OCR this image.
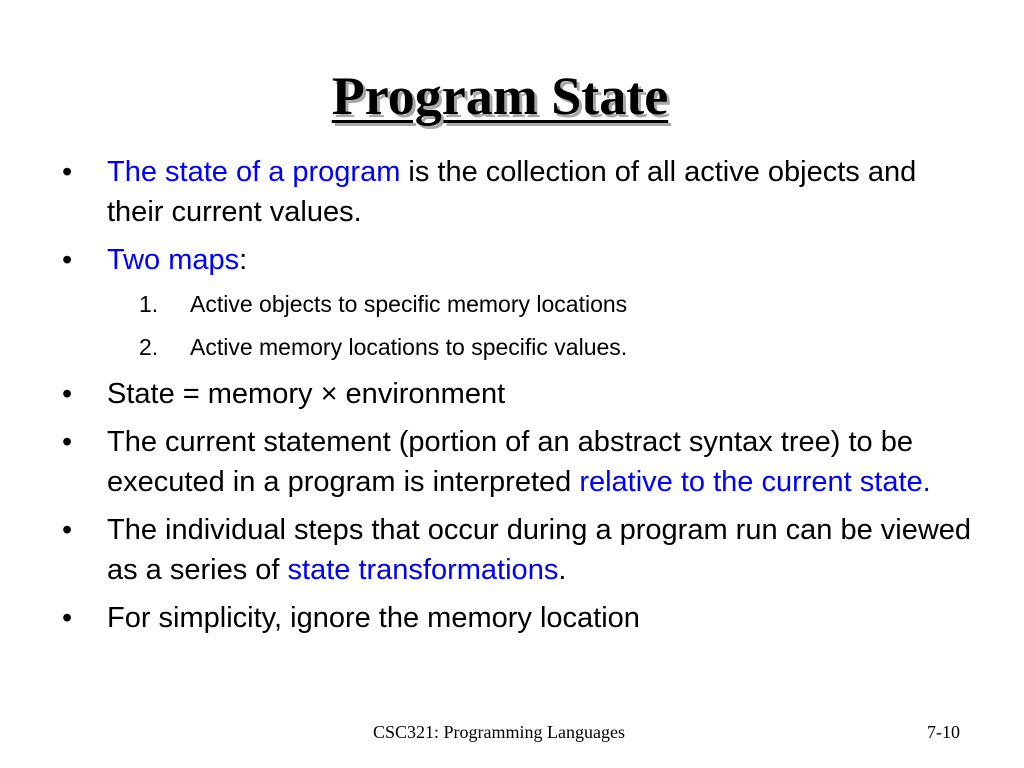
Program State
•	The state of a program is the collection of all active objects and their current values.
•	Two maps:
1. Active objects to specific memory locations
2. Active memory locations to specific values.
•	State = memory × environment
•	The current statement (portion of an abstract syntax tree) to be executed in a program is interpreted relative to the current state.
•	The individual steps that occur during a program run can be viewed as a series of state transformations.
•	For simplicity, ignore the memory location
CSC321: Programming Languages	7-10
